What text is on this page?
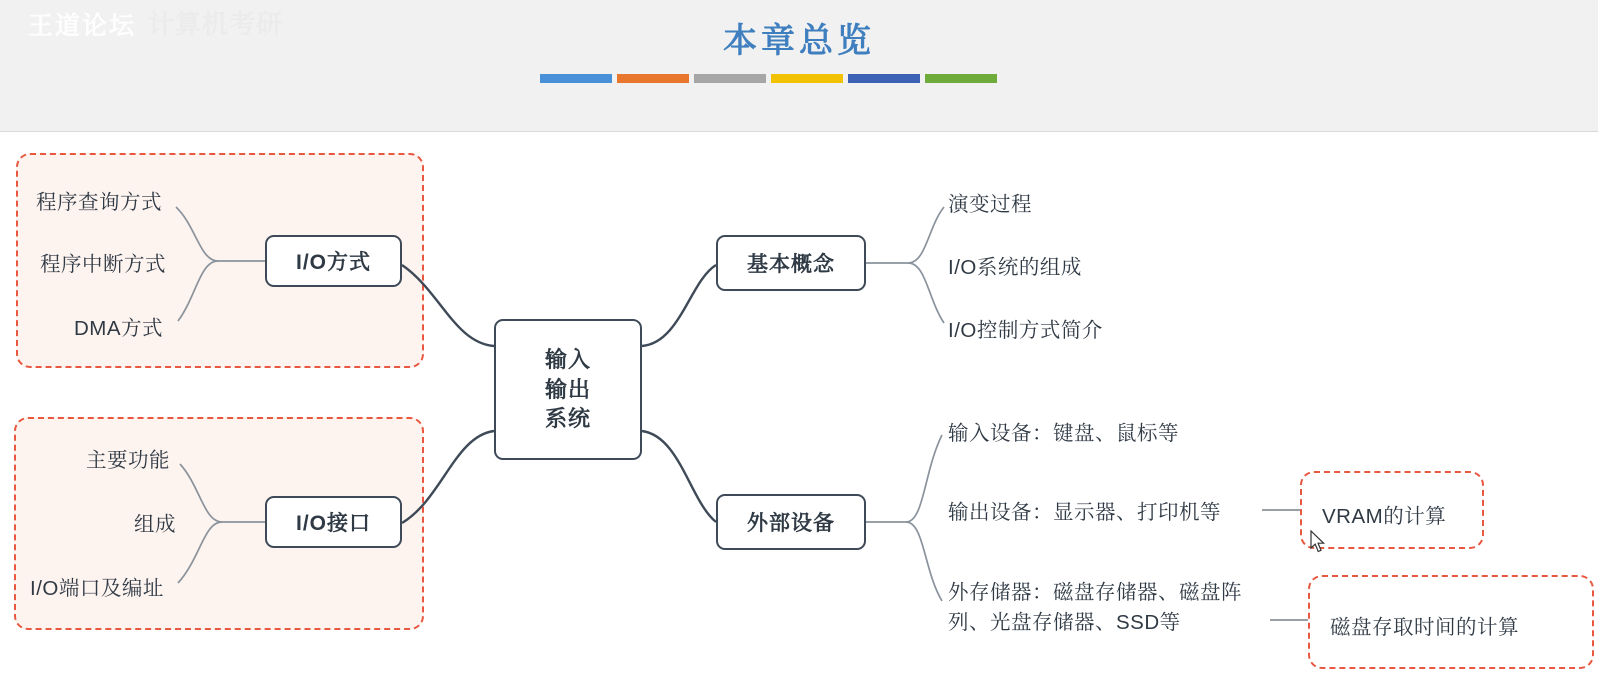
王道论坛 计算机考研	本章总览
输入
输出
系统
I/O方式
I/O接口
基本概念
外部设备
程序查询方式
程序中断方式
DMA方式
主要功能
组成
I/O端口及编址
演变过程
I/O系统的组成
I/O控制方式简介
输入设备：键盘、鼠标等
输出设备：显示器、打印机等
外存储器：磁盘存储器、磁盘阵列、光盘存储器、SSD等
VRAM的计算
磁盘存取时间的计算
